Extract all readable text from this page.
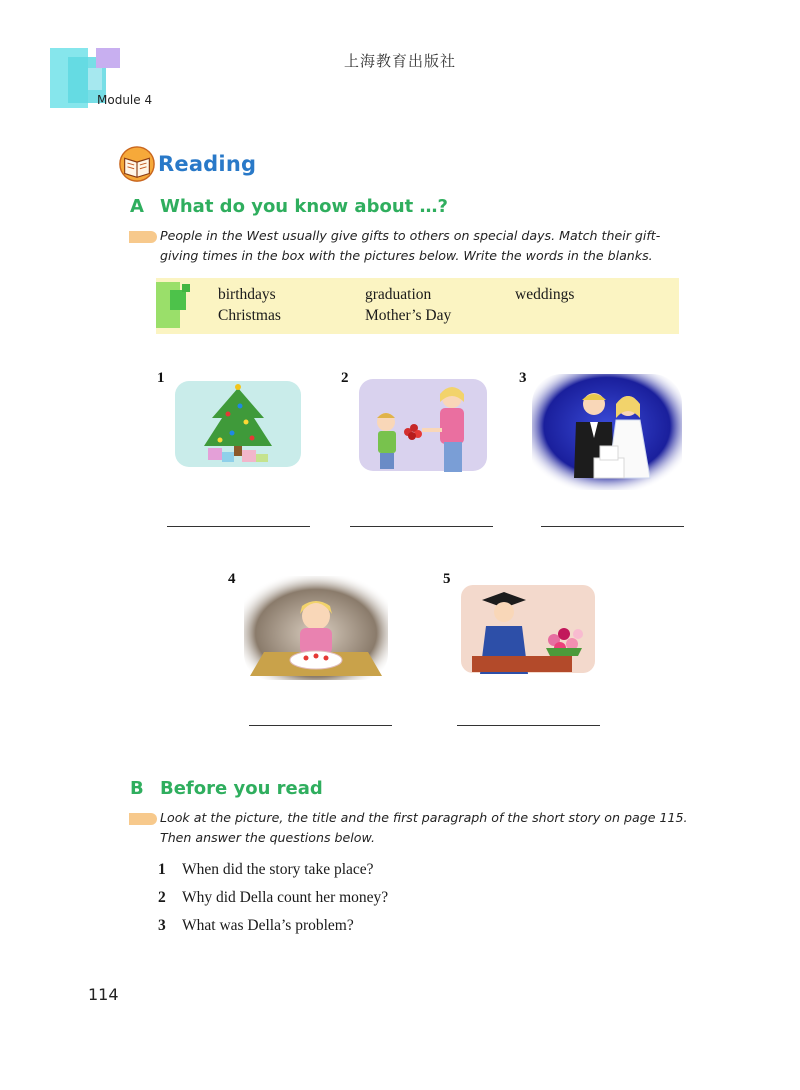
上海教育出版社
Module 4
Reading
A What do you know about …?
People in the West usually give gifts to others on special days. Match their gift-
giving times in the box with the pictures below. Write the words in the blanks.
birthdays	graduation	weddings
Christmas	Mother’s Day
1	2	3
4	5
B Before you read
Look at the picture, the title and the first paragraph of the short story on page 115.
Then answer the questions below.
1 When did the story take place?
2 Why did Della count her money?
3 What was Della’s problem?
114
